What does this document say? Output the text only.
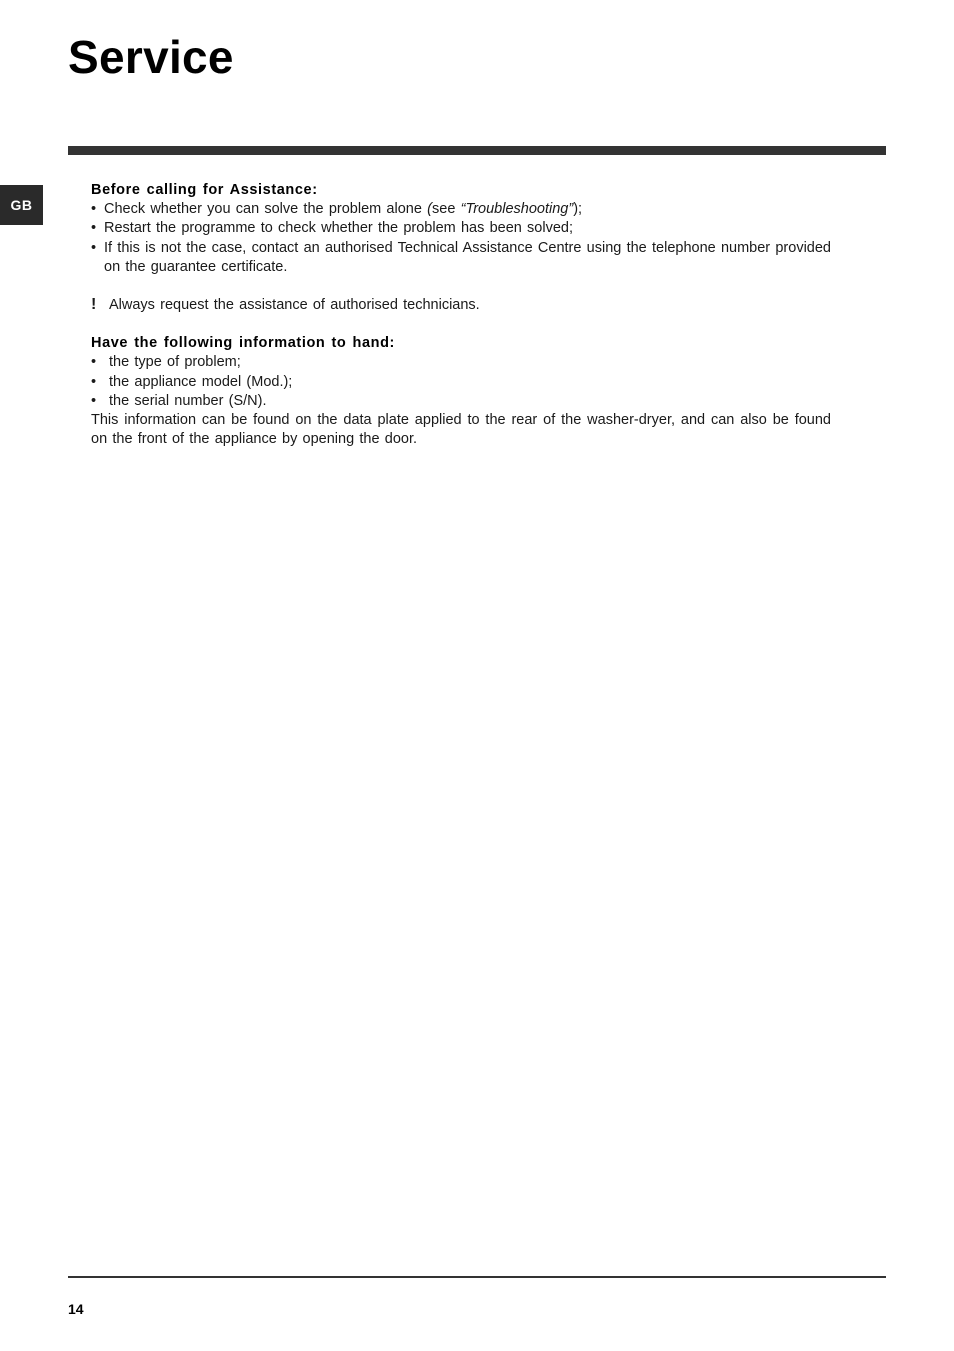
Service
GB
Before calling for Assistance:
• Check whether you can solve the problem alone (see “Troubleshooting”);
• Restart the programme to check whether the problem has been solved;
• If this is not the case, contact an authorised Technical Assistance Centre using the telephone number provided on the guarantee certificate.
! Always request the assistance of authorised technicians.
Have the following information to hand:
• the type of problem;
• the appliance model (Mod.);
• the serial number (S/N).
This information can be found on the data plate applied to the rear of the washer-dryer, and can also be found on the front of the appliance by opening the door.
14
